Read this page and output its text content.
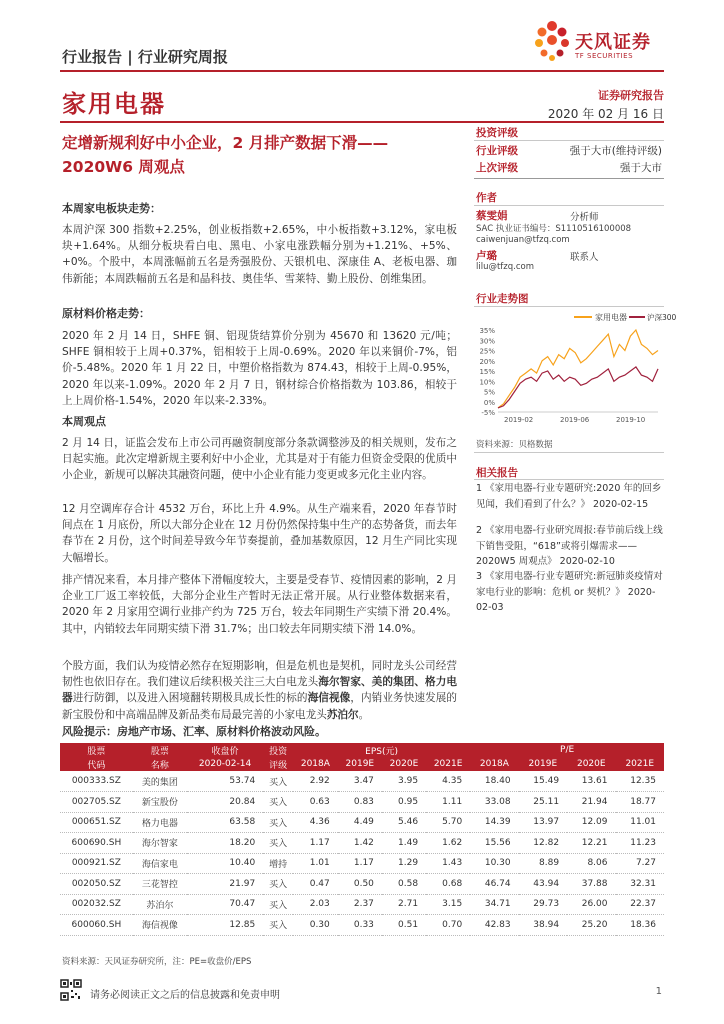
行业报告 | 行业研究周报
天风证券
TF SECURITIES
家用电器	证券研究报告
2020 年 02 月 16 日
定增新规利好中小企业，2 月排产数据下滑——
2020W6 周观点
本周家电板块走势：
本周沪深 300 指数+2.25%，创业板指数+2.65%，中小板指数+3.12%，家电板块+1.64%。从细分板块看白电、黑电、小家电涨跌幅分别为+1.21%、+5%、+0%。个股中，本周涨幅前五名是秀强股份、天银机电、深康佳 A、老板电器、珈伟新能；本周跌幅前五名是和晶科技、奥佳华、雪莱特、勤上股份、创维集团。
原材料价格走势：
2020 年 2 月 14 日，SHFE 铜、铝现货结算价分别为 45670 和 13620 元/吨；SHFE 铜相较于上周+0.37%，铝相较于上周-0.69%。2020 年以来铜价-7%，铝价-5.48%。2020 年 1 月 22 日，中塑价格指数为 874.43，相较于上周-0.95%，2020 年以来-1.09%。2020 年 2 月 7 日，钢材综合价格指数为 103.86，相较于上上周价格-1.54%，2020 年以来-2.33%。
本周观点
2 月 14 日，证监会发布上市公司再融资制度部分条款调整涉及的相关规则，发布之日起实施。此次定增新规主要利好中小企业，尤其是对于有能力但资金受限的优质中小企业，新规可以解决其融资问题，使中小企业有能力变更或多元化主业内容。
12 月空调库存合计 4532 万台，环比上升 4.9%。从生产端来看，2020 年春节时间点在 1 月底份，所以大部分企业在 12 月份仍然保持集中生产的态势备货，而去年春节在 2 月份，这个时间差导致今年节奏提前，叠加基数原因，12 月生产同比实现大幅增长。
排产情况来看，本月排产整体下滑幅度较大，主要是受春节、疫情因素的影响，2 月企业工厂返工率较低，大部分企业生产暂时无法正常开展。从行业整体数据来看，2020 年 2 月家用空调行业排产约为 725 万台，较去年同期生产实绩下滑 20.4%。其中，内销较去年同期实绩下滑 31.7%；出口较去年同期实绩下滑 14.0%。
个股方面，我们认为疫情必然存在短期影响，但是危机也是契机，同时龙头公司经营韧性也依旧存在。我们建议后续积极关注三大白电龙头海尔智家、美的集团、格力电器进行防御，以及进入困境翻转期极具成长性的标的海信视像，内销业务快速发展的新宝股份和中高端品牌及新品类布局最完善的小家电龙头苏泊尔。
风险提示：房地产市场、汇率、原材料价格波动风险。
投资评级
行业评级	强于大市(维持评级)
上次评级	强于大市
作者
蔡雯娟	分析师
SAC 执业证书编号：S1110516100008
caiwenjuan@tfzq.com
卢璐	联系人
lilu@tfzq.com
行业走势图
家用电器	沪深300
-5%
0%
5%
10%
15%
20%
25%
30%
35%
2019-02	2019-06	2019-10
资料来源：贝格数据
相关报告
1 《家用电器-行业专题研究:2020 年的回乡见闻，我们看到了什么？》 2020-02-15
2 《家用电器-行业研究周报:春节前后线上线下销售受阻，“618”或将引爆需求——2020W5 周观点》 2020-02-10
3 《家用电器-行业专题研究:新冠肺炎疫情对家电行业的影响：危机 or 契机？》 2020-02-03
股票	股票	收盘价	投资	EPS(元)				P/E			
代码	名称	2020-02-14	评级	2018A	2019E	2020E	2021E	2018A	2019E	2020E	2021E
000333.SZ	美的集团	53.74	买入	2.92	3.47	3.95	4.35	18.40	15.49	13.61	12.35
002705.SZ	新宝股份	20.84	买入	0.63	0.83	0.95	1.11	33.08	25.11	21.94	18.77
000651.SZ	格力电器	63.58	买入	4.36	4.49	5.46	5.70	14.39	13.97	12.09	11.01
600690.SH	海尔智家	18.20	买入	1.17	1.42	1.49	1.62	15.56	12.82	12.21	11.23
000921.SZ	海信家电	10.40	增持	1.01	1.17	1.29	1.43	10.30	8.89	8.06	7.27
002050.SZ	三花智控	21.97	买入	0.47	0.50	0.58	0.68	46.74	43.94	37.88	32.31
002032.SZ	苏泊尔	70.47	买入	2.03	2.37	2.71	3.15	34.71	29.73	26.00	22.37
600060.SH	海信视像	12.85	买入	0.30	0.33	0.51	0.70	42.83	38.94	25.20	18.36
资料来源：天风证券研究所，注：PE=收盘价/EPS
请务必阅读正文之后的信息披露和免责申明	1
